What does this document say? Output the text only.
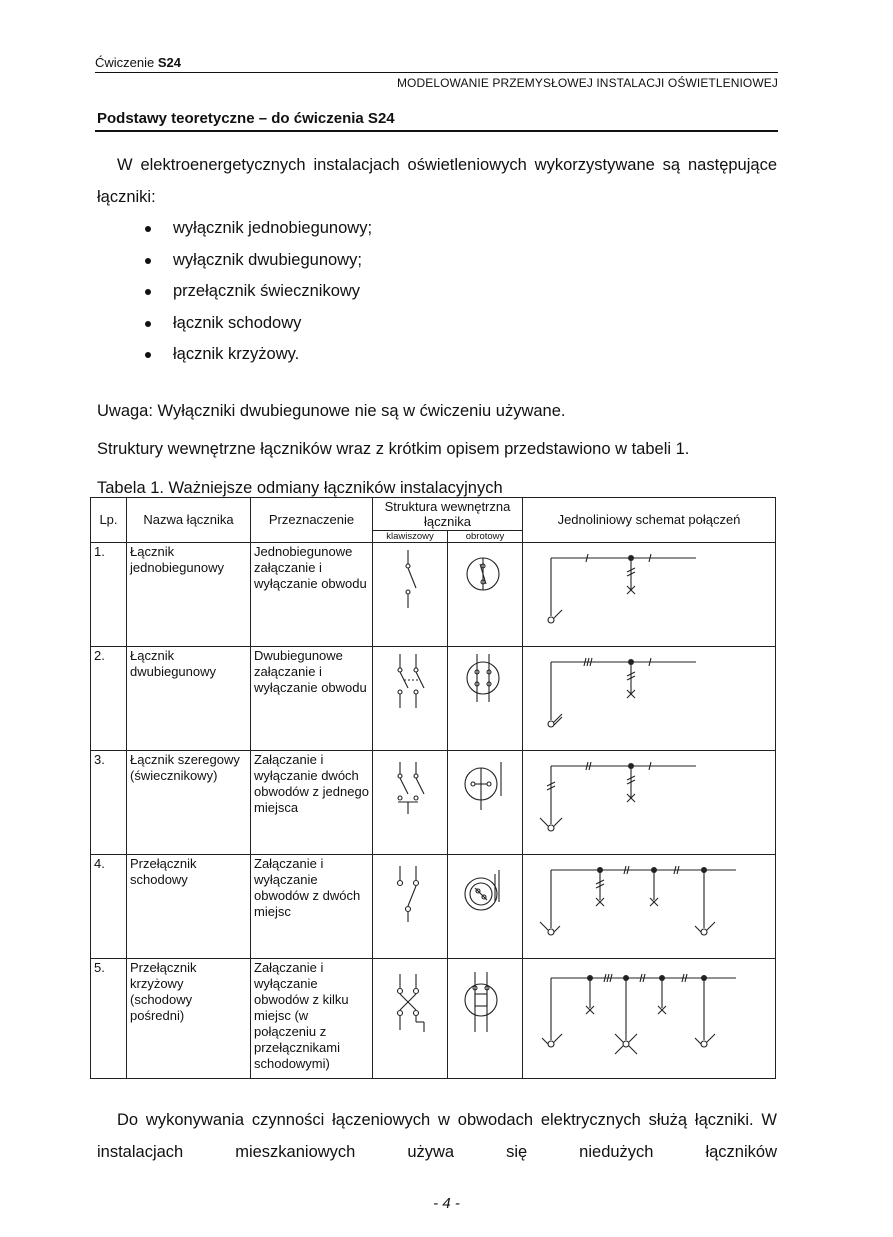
Ćwiczenie S24
MODELOWANIE PRZEMYSŁOWEJ INSTALACJI OŚWIETLENIOWEJ
Podstawy teoretyczne – do ćwiczenia S24
W elektroenergetycznych instalacjach oświetleniowych wykorzystywane są następujące łączniki:
wyłącznik jednobiegunowy;
wyłącznik dwubiegunowy;
przełącznik świecznikowy
łącznik schodowy
łącznik krzyżowy.
Uwaga: Wyłączniki dwubiegunowe nie są w ćwiczeniu używane.
Struktury wewnętrzne łączników wraz z krótkim opisem przedstawiono w tabeli 1.
Tabela 1. Ważniejsze odmiany łączników instalacyjnych
Lp.	Nazwa łącznika	Przeznaczenie	Struktura wewnętrzna łącznika		Jednoliniowy schemat połączeń
			klawiszowy	obrotowy	
1.	Łącznik jednobiegunowy	Jednobiegunowe załączanie i wyłączanie obwodu	

2.	Łącznik dwubiegunowy	Dwubiegunowe załączanie i wyłączanie obwodu	

3.	Łącznik szeregowy (świecznikowy)	Załączanie i wyłączanie dwóch obwodów z jednego miejsca	

4.	Przełącznik schodowy	Załączanie i wyłączanie obwodów z dwóch miejsc	

5.	Przełącznik krzyżowy (schodowy pośredni)	Załączanie i wyłączanie obwodów z kilku miejsc (w połączeniu z przełącznikami schodowymi)	

Do wykonywania czynności łączeniowych w obwodach elektrycznych służą łączniki. W instalacjach mieszkaniowych używa się niedużych łączników
- 4 -
